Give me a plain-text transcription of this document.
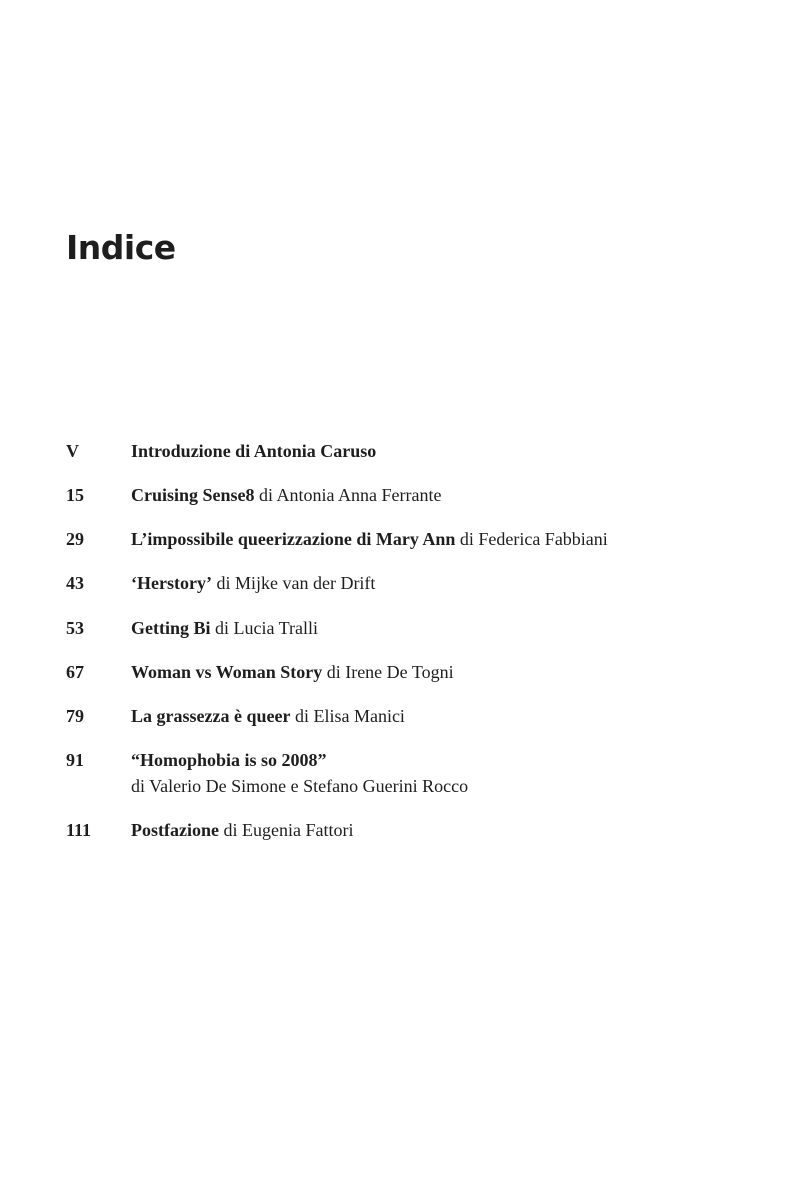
Indice
V	Introduzione di Antonia Caruso
15	Cruising Sense8 di Antonia Anna Ferrante
29	L’impossibile queerizzazione di Mary Ann di Federica Fabbiani
43	‘Herstory’ di Mijke van der Drift
53	Getting Bi di Lucia Tralli
67	Woman vs Woman Story di Irene De Togni
79	La grassezza è queer di Elisa Manici
91	“Homophobia is so 2008”
di Valerio De Simone e Stefano Guerini Rocco
111 Postfazione di Eugenia Fattori
